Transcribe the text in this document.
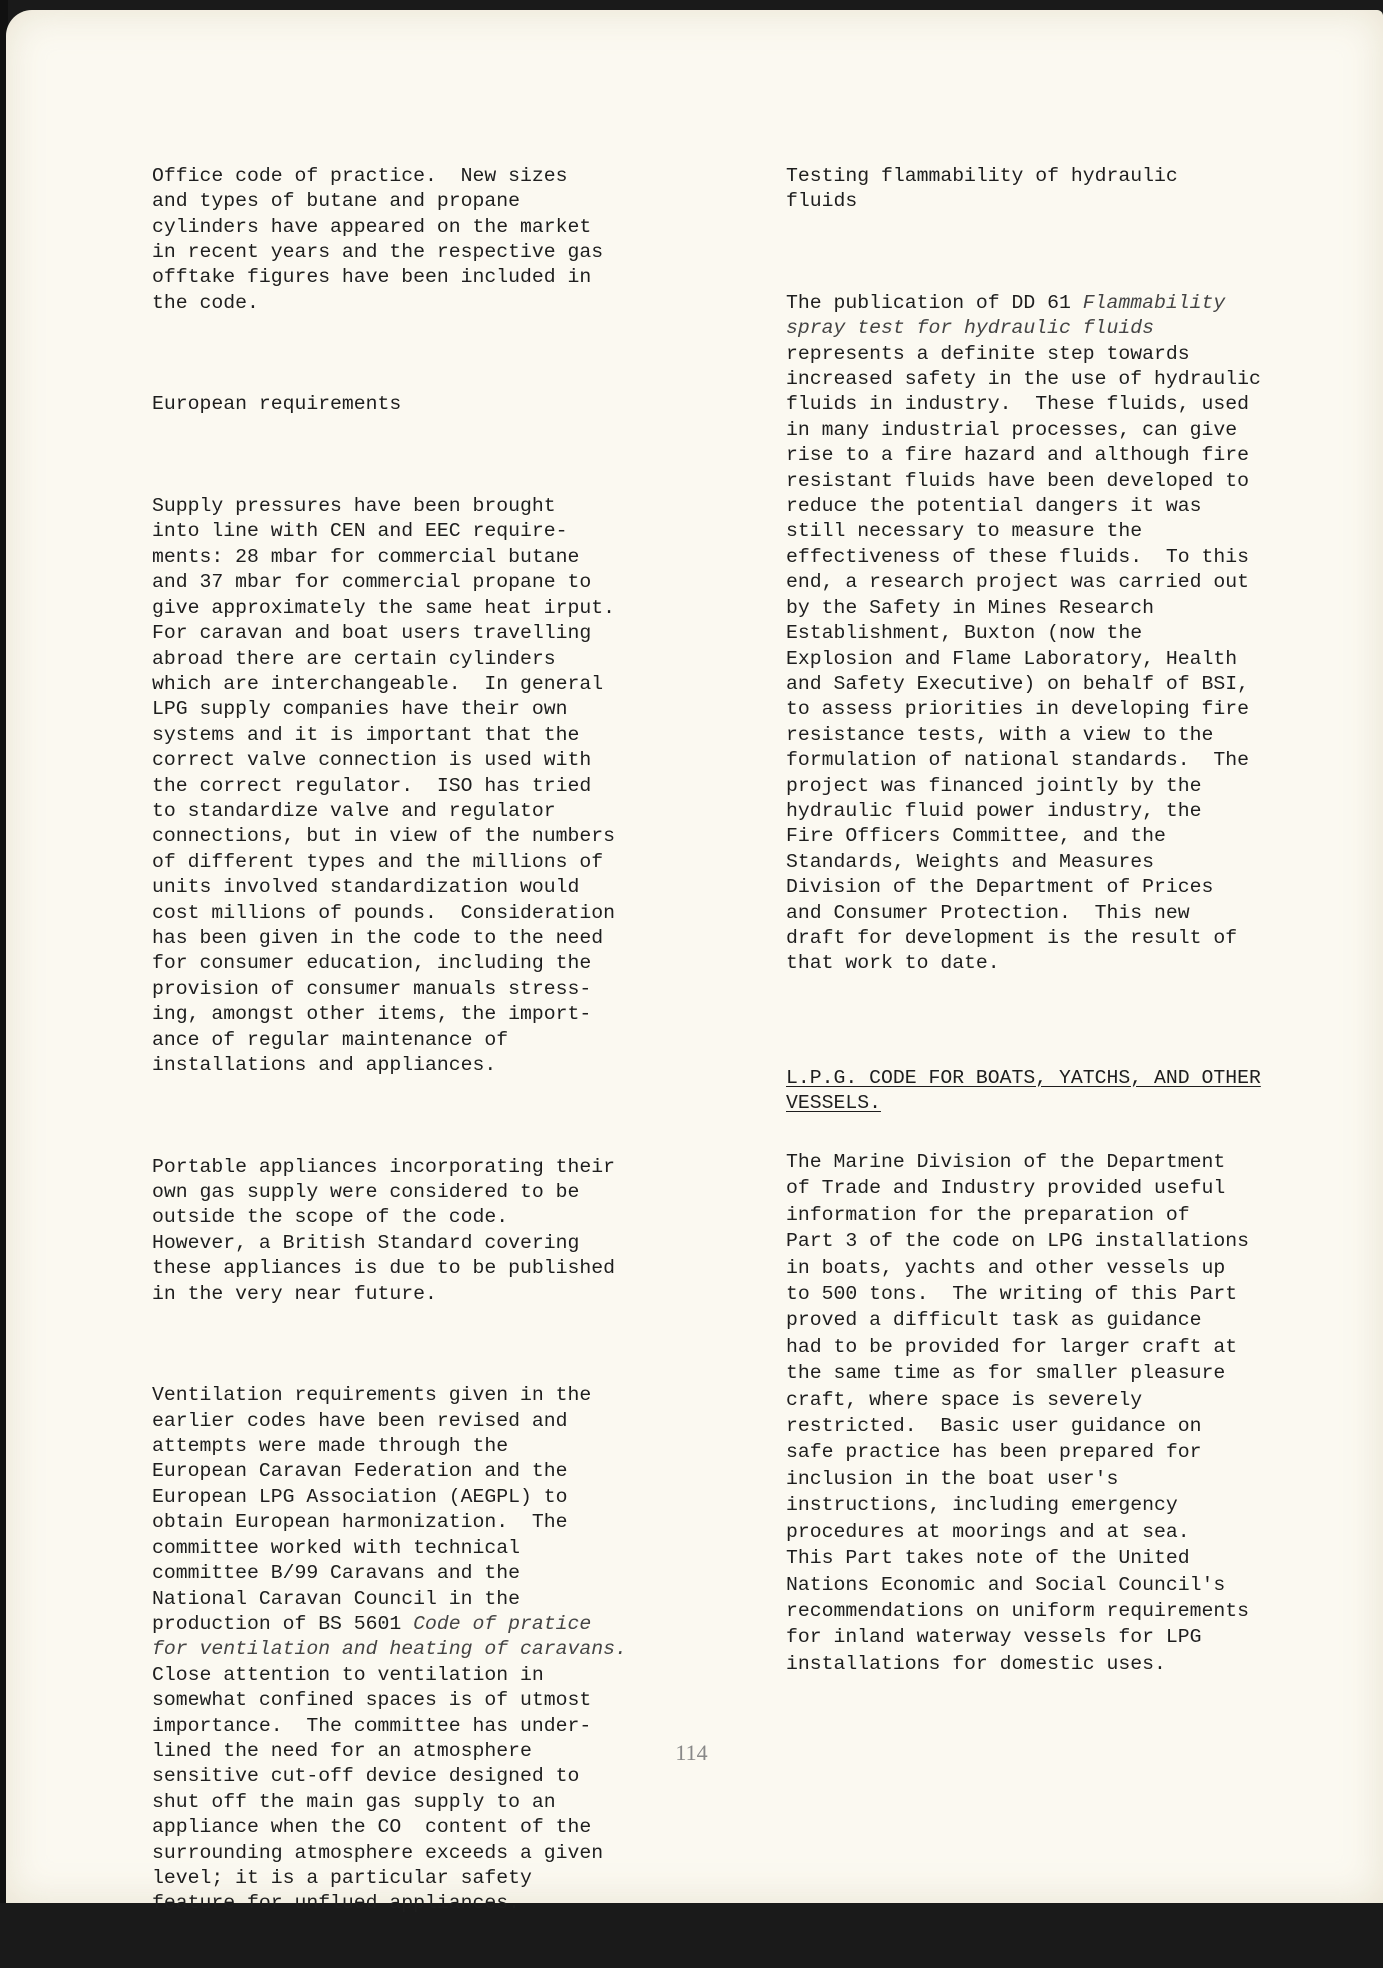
Office code of practice.  New sizes
and types of butane and propane
cylinders have appeared on the market
in recent years and the respective gas
offtake figures have been included in
the code.

European requirements

Supply pressures have been brought
into line with CEN and EEC require-
ments: 28 mbar for commercial butane
and 37 mbar for commercial propane to
give approximately the same heat irput.
For caravan and boat users travelling
abroad there are certain cylinders
which are interchangeable.  In general
LPG supply companies have their own
systems and it is important that the
correct valve connection is used with
the correct regulator.  ISO has tried
to standardize valve and regulator
connections, but in view of the numbers
of different types and the millions of
units involved standardization would
cost millions of pounds.  Consideration
has been given in the code to the need
for consumer education, including the
provision of consumer manuals stress-
ing, amongst other items, the import-
ance of regular maintenance of
installations and appliances.

Portable appliances incorporating their
own gas supply were considered to be
outside the scope of the code.
However, a British Standard covering
these appliances is due to be published
in the very near future.

Ventilation requirements given in the
earlier codes have been revised and
attempts were made through the
European Caravan Federation and the
European LPG Association (AEGPL) to
obtain European harmonization.  The
committee worked with technical
committee B/99 Caravans and the
National Caravan Council in the
production of BS 5601 Code of pratice
for ventilation and heating of caravans.
Close attention to ventilation in
somewhat confined spaces is of utmost
importance.  The committee has under-
lined the need for an atmosphere
sensitive cut-off device designed to
shut off the main gas supply to an
appliance when the CO  content of the
surrounding atmosphere exceeds a given
level; it is a particular safety
feature for unflued appliances.

Testing flammability of hydraulic
fluids

The publication of DD 61 Flammability
spray test for hydraulic fluids
represents a definite step towards
increased safety in the use of hydraulic
fluids in industry.  These fluids, used
in many industrial processes, can give
rise to a fire hazard and although fire
resistant fluids have been developed to
reduce the potential dangers it was
still necessary to measure the
effectiveness of these fluids.  To this
end, a research project was carried out
by the Safety in Mines Research
Establishment, Buxton (now the
Explosion and Flame Laboratory, Health
and Safety Executive) on behalf of BSI,
to assess priorities in developing fire
resistance tests, with a view to the
formulation of national standards.  The
project was financed jointly by the
hydraulic fluid power industry, the
Fire Officers Committee, and the
Standards, Weights and Measures
Division of the Department of Prices
and Consumer Protection.  This new
draft for development is the result of
that work to date.

L.P.G. CODE FOR BOATS, YATCHS, AND OTHER
VESSELS.
The Marine Division of the Department
of Trade and Industry provided useful
information for the preparation of
Part 3 of the code on LPG installations
in boats, yachts and other vessels up
to 500 tons.  The writing of this Part
proved a difficult task as guidance
had to be provided for larger craft at
the same time as for smaller pleasure
craft, where space is severely
restricted.  Basic user guidance on
safe practice has been prepared for
inclusion in the boat user's
instructions, including emergency
procedures at moorings and at sea.
This Part takes note of the United
Nations Economic and Social Council's
recommendations on uniform requirements
for inland waterway vessels for LPG
installations for domestic uses.
114
